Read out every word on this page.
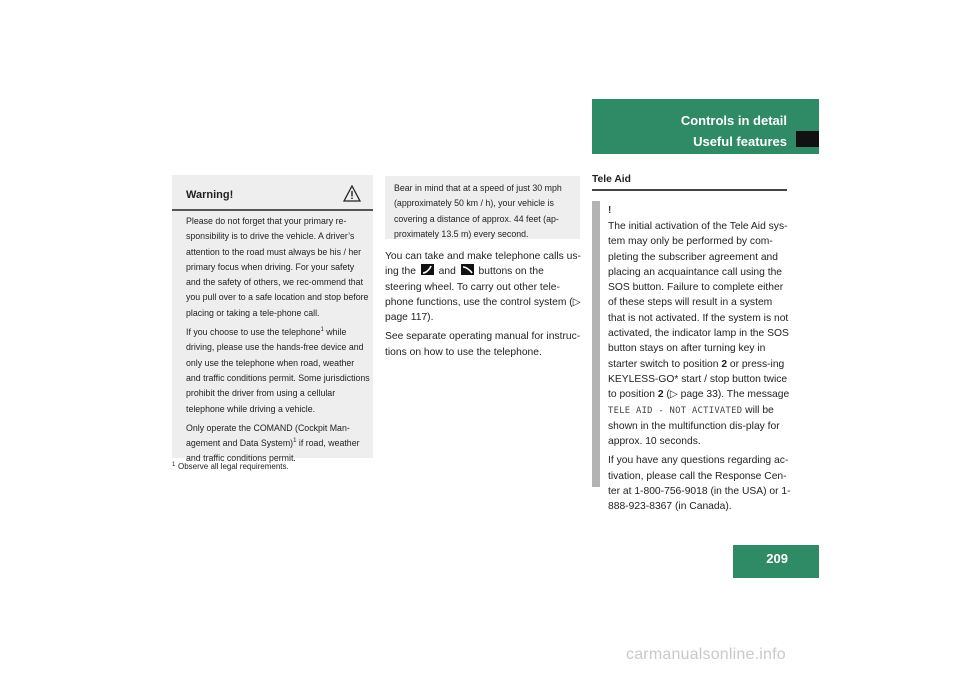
Controls in detail
Useful features
Warning!

Please do not forget that your primary re-sponsibility is to drive the vehicle. A driver’s attention to the road must always be his / her primary focus when driving. For your safety and the safety of others, we rec-ommend that you pull over to a safe location and stop before placing or taking a tele-phone call.

If you choose to use the telephone$^1$ while driving, please use the hands-free device and only use the telephone when road, weather and traffic conditions permit. Some jurisdictions prohibit the driver from using a cellular telephone while driving a vehicle.

Only operate the COMAND (Cockpit Man-agement and Data System)$^1$ if road, weather and traffic conditions permit.

1 Observe all legal requirements.
Bear in mind that at a speed of just 30 mph (approximately 50 km / h), your vehicle is covering a distance of approx. 44 feet (ap-proximately 13.5 m) every second.

You can take and make telephone calls us-ing the
and
buttons on the steering wheel. To carry out other tele-phone functions, use the control system (▷ page 117).

See separate operating manual for instruc-tions on how to use the telephone.

Tele Aid
!

The initial activation of the Tele Aid sys-tem may only be performed by com-pleting the subscriber agreement and placing an acquaintance call using the SOS button. Failure to complete either of these steps will result in a system that is not activated. If the system is not activated, the indicator lamp in the SOS button stays on after turning key in starter switch to position 2 or press-ing KEYLESS-GO* start / stop button twice to position 2 (▷ page 33). The message TELE AID - NOT ACTIVATED will be shown in the multifunction dis-play for approx. 10 seconds.

If you have any questions regarding ac-tivation, please call the Response Cen-ter at 1-800-756-9018 (in the USA) or 1-888-923-8367 (in Canada).

209
carmanualsonline.info
